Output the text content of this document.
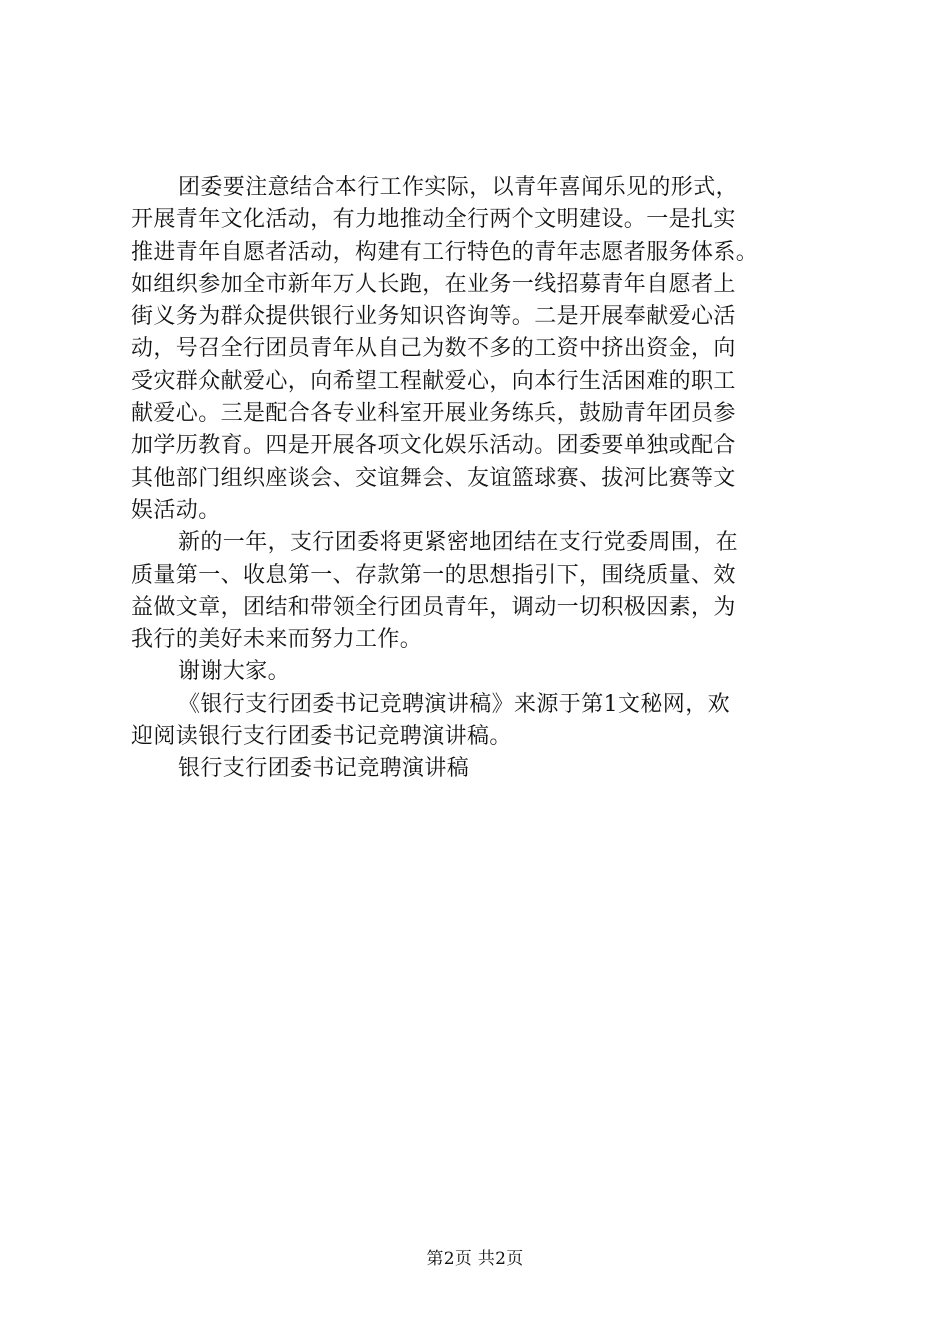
团委要注意结合本行工作实际，以青年喜闻乐见的形式，
开展青年文化活动，有力地推动全行两个文明建设。一是扎实
推进青年自愿者活动，构建有工行特色的青年志愿者服务体系。
如组织参加全市新年万人长跑，在业务一线招募青年自愿者上
街义务为群众提供银行业务知识咨询等。二是开展奉献爱心活
动，号召全行团员青年从自己为数不多的工资中挤出资金，向
受灾群众献爱心，向希望工程献爱心，向本行生活困难的职工
献爱心。三是配合各专业科室开展业务练兵，鼓励青年团员参
加学历教育。四是开展各项文化娱乐活动。团委要单独或配合
其他部门组织座谈会、交谊舞会、友谊篮球赛、拔河比赛等文
娱活动。
新的一年，支行团委将更紧密地团结在支行党委周围，在
质量第一、收息第一、存款第一的思想指引下，围绕质量、效
益做文章，团结和带领全行团员青年，调动一切积极因素，为
我行的美好未来而努力工作。
谢谢大家。
《银行支行团委书记竞聘演讲稿》来源于第1文秘网，欢
迎阅读银行支行团委书记竞聘演讲稿。
银行支行团委书记竞聘演讲稿
第2页 共2页
